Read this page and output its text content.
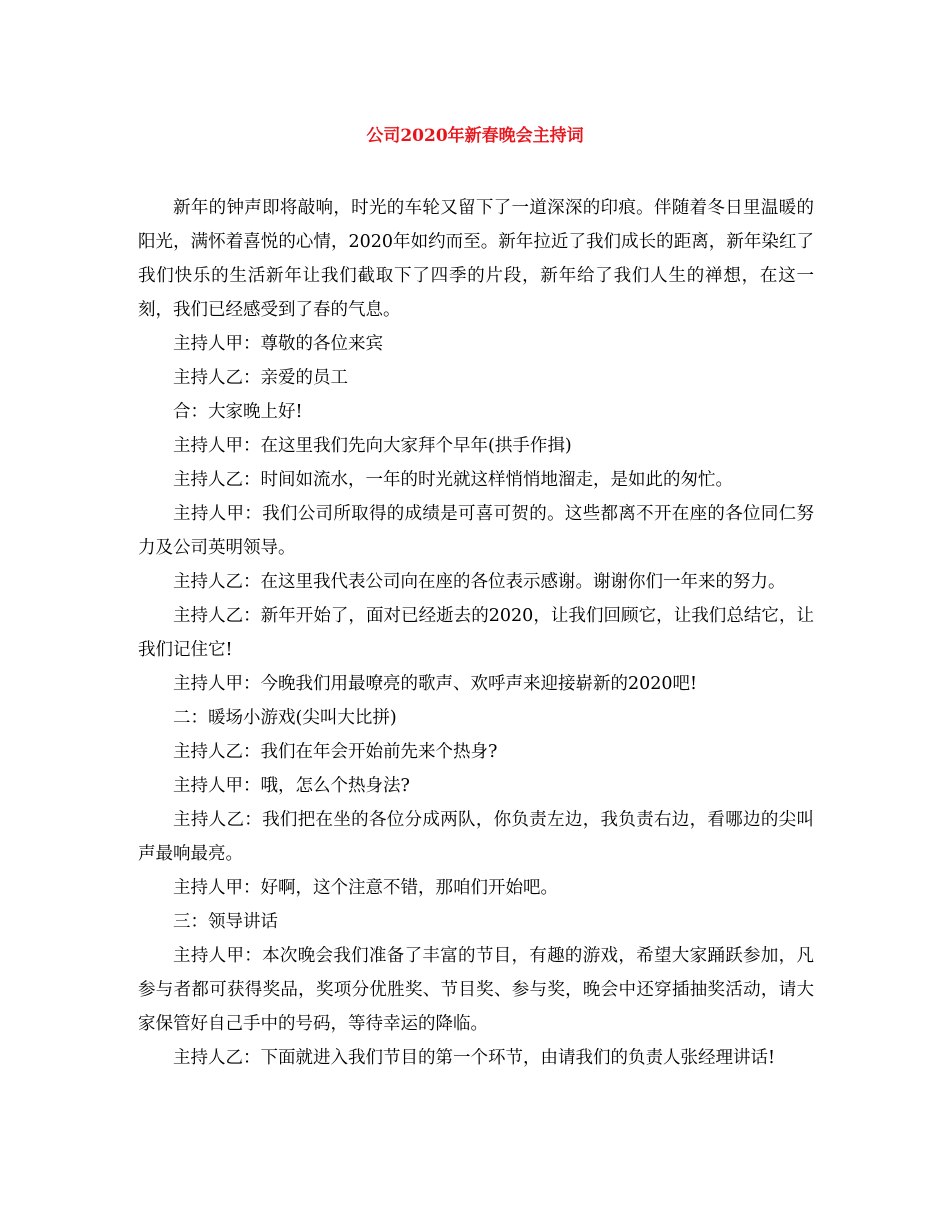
公司2020年新春晚会主持词

新年的钟声即将敲响，时光的车轮又留下了一道深深的印痕。伴随着冬日里温暖的阳光，满怀着喜悦的心情，2020年如约而至。新年拉近了我们成长的距离，新年染红了我们快乐的生活新年让我们截取下了四季的片段，新年给了我们人生的禅想，在这一刻，我们已经感受到了春的气息。

主持人甲：尊敬的各位来宾

主持人乙：亲爱的员工

合：大家晚上好!

主持人甲：在这里我们先向大家拜个早年(拱手作揖)

主持人乙：时间如流水，一年的时光就这样悄悄地溜走，是如此的匆忙。

主持人甲：我们公司所取得的成绩是可喜可贺的。这些都离不开在座的各位同仁努力及公司英明领导。

主持人乙：在这里我代表公司向在座的各位表示感谢。谢谢你们一年来的努力。

主持人乙：新年开始了，面对已经逝去的2020，让我们回顾它，让我们总结它，让我们记住它!

主持人甲：今晚我们用最嘹亮的歌声、欢呼声来迎接崭新的2020吧!

二：暖场小游戏(尖叫大比拼)

主持人乙：我们在年会开始前先来个热身?

主持人甲：哦，怎么个热身法?

主持人乙：我们把在坐的各位分成两队，你负责左边，我负责右边，看哪边的尖叫声最响最亮。

主持人甲：好啊，这个注意不错，那咱们开始吧。

三：领导讲话

主持人甲：本次晚会我们准备了丰富的节目，有趣的游戏，希望大家踊跃参加，凡参与者都可获得奖品，奖项分优胜奖、节目奖、参与奖，晚会中还穿插抽奖活动，请大家保管好自己手中的号码，等待幸运的降临。

主持人乙：下面就进入我们节目的第一个环节，由请我们的负责人张经理讲话!
